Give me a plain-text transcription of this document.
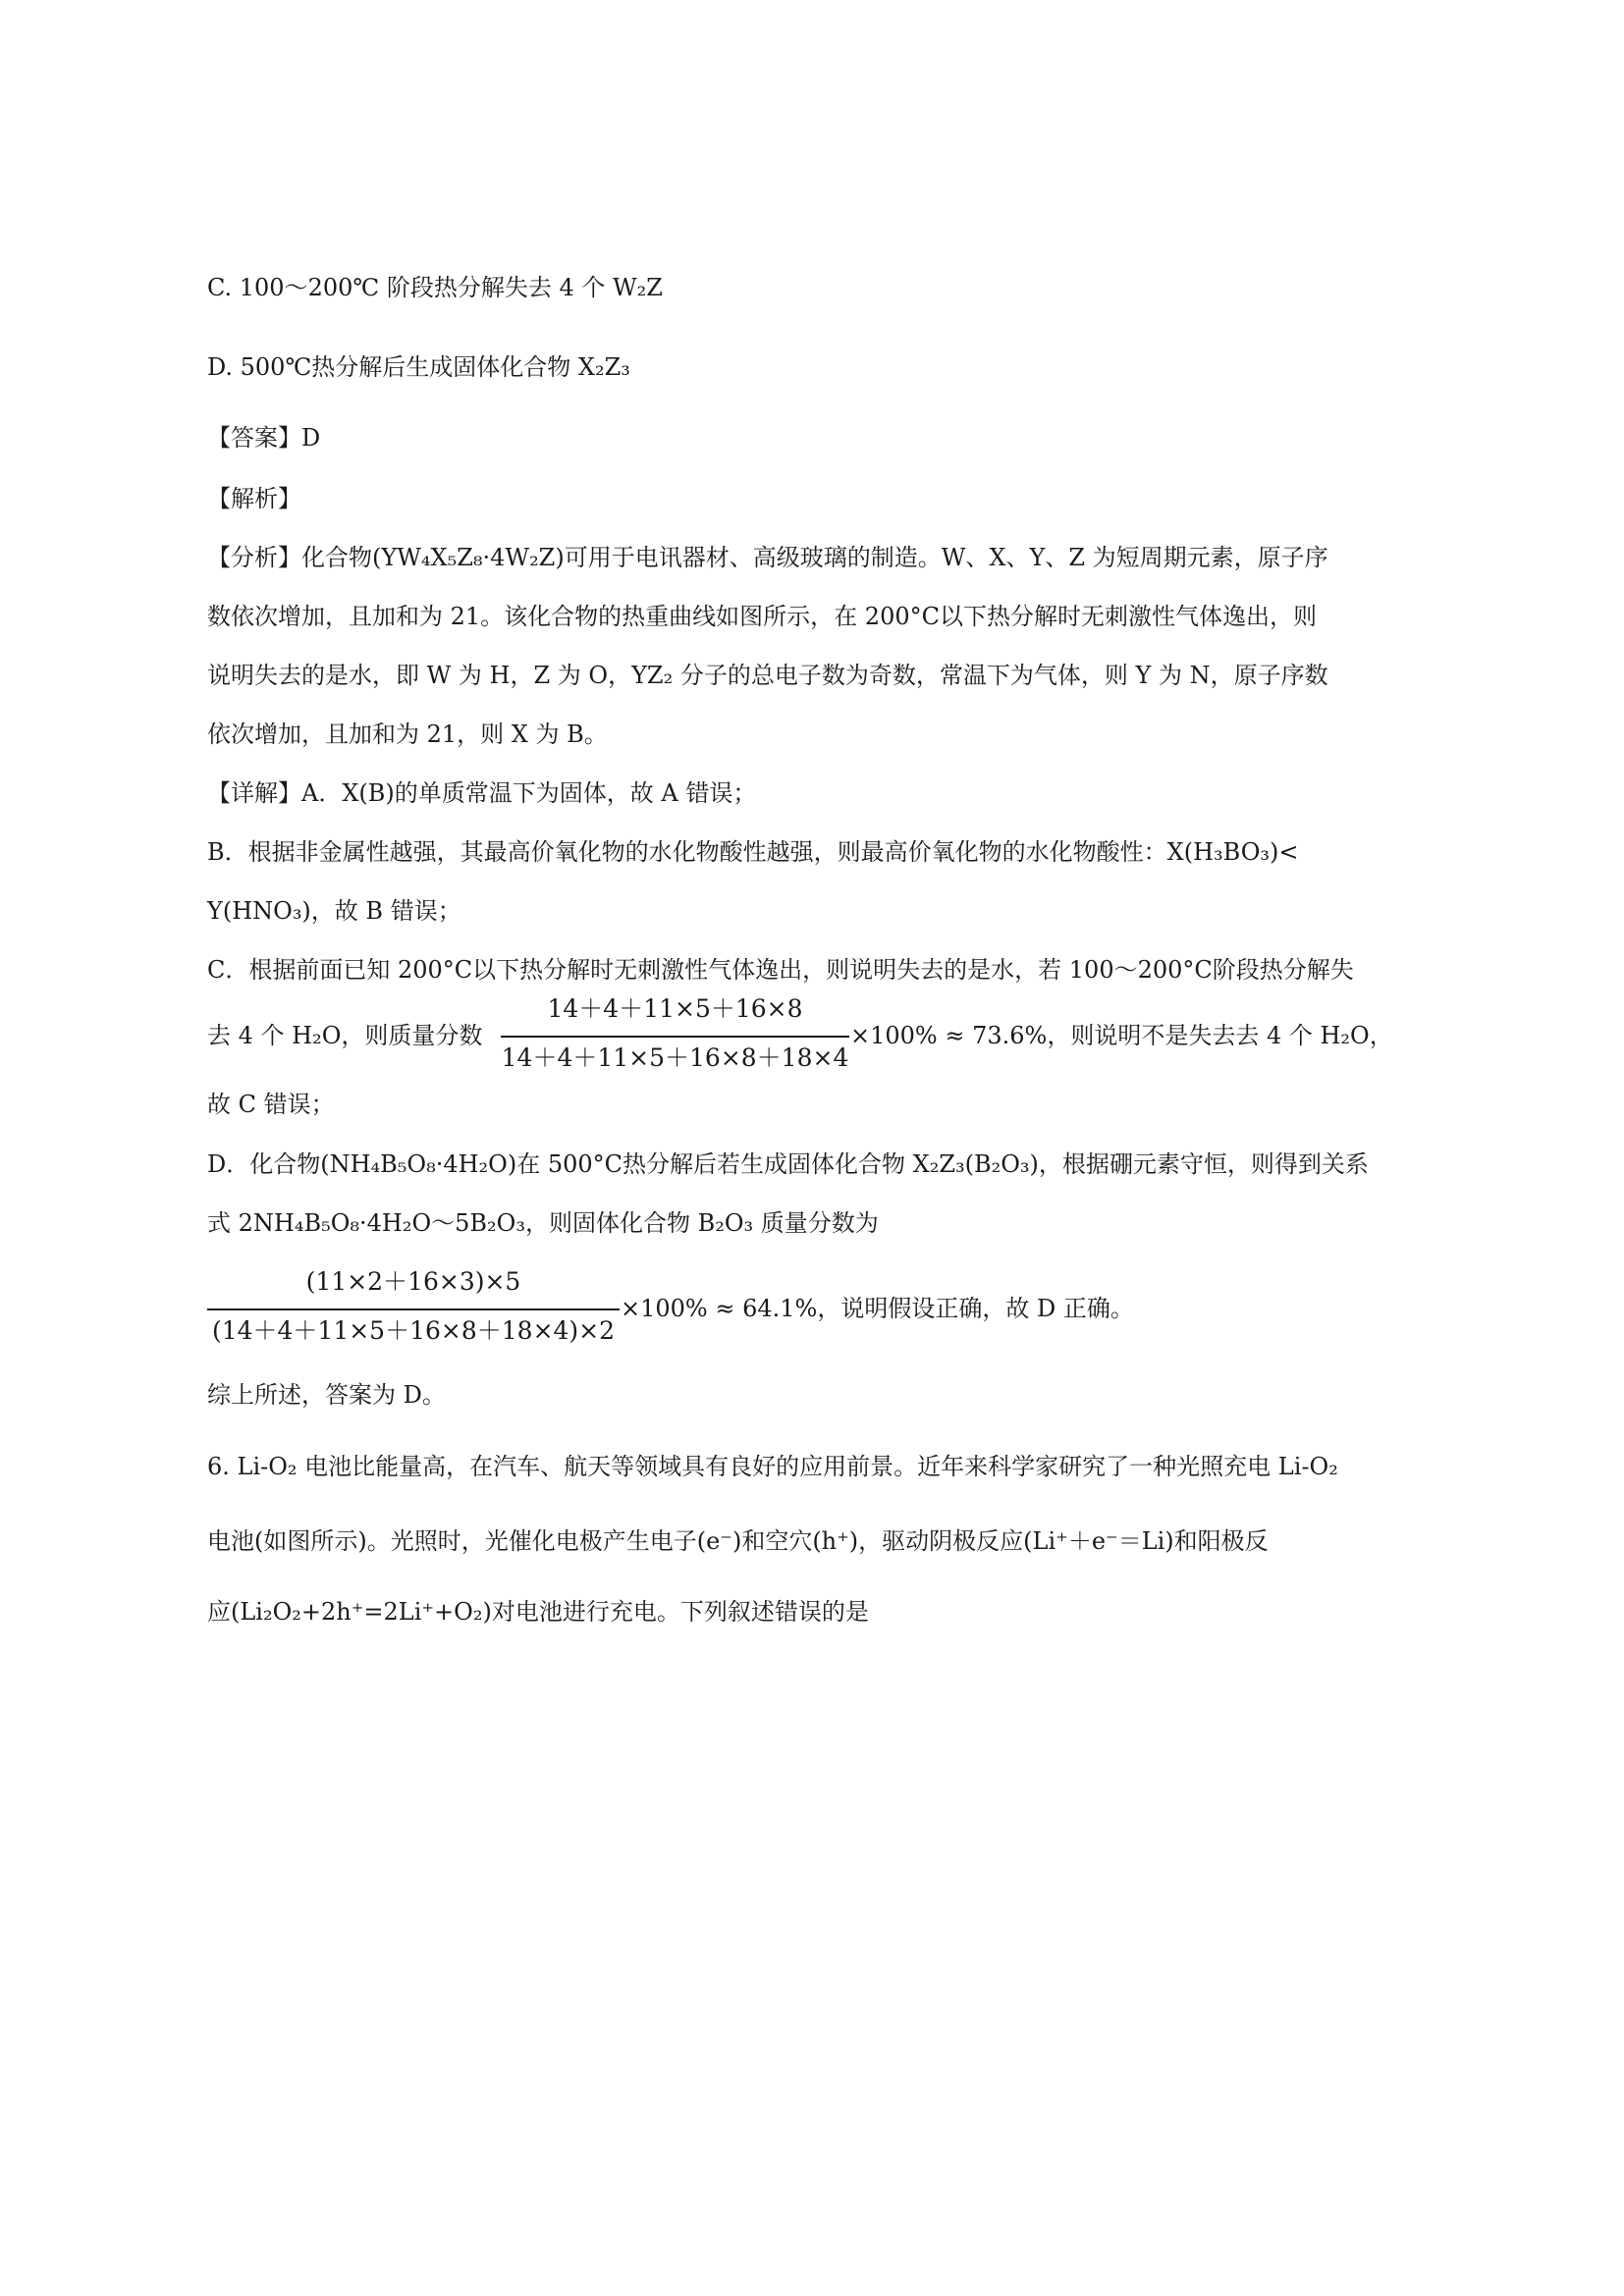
C. 100～200℃ 阶段热分解失去 4 个 W₂Z
D. 500℃热分解后生成固体化合物 X₂Z₃
【答案】D
【解析】
【分析】化合物(YW₄X₅Z₈·4W₂Z)可用于电讯器材、高级玻璃的制造。W、X、Y、Z 为短周期元素，原子序
数依次增加，且加和为 21。该化合物的热重曲线如图所示，在 200°C以下热分解时无刺激性气体逸出，则
说明失去的是水，即 W 为 H，Z 为 O，YZ₂ 分子的总电子数为奇数，常温下为气体，则 Y 为 N，原子序数
依次增加，且加和为 21，则 X 为 B。
【详解】A．X(B)的单质常温下为固体，故 A 错误；
B．根据非金属性越强，其最高价氧化物的水化物酸性越强，则最高价氧化物的水化物酸性：X(H₃BO₃)<
Y(HNO₃)，故 B 错误；
C．根据前面已知 200°C以下热分解时无刺激性气体逸出，则说明失去的是水，若 100～200°C阶段热分解失
去 4 个 H₂O，则质量分数
14＋4＋11×5＋16×8
14＋4＋11×5＋16×8＋18×4
×100% ≈ 73.6%，则说明不是失去去 4 个 H₂O，
故 C 错误；
D．化合物(NH₄B₅O₈·4H₂O)在 500°C热分解后若生成固体化合物 X₂Z₃(B₂O₃)，根据硼元素守恒，则得到关系
式 2NH₄B₅O₈·4H₂O～5B₂O₃，则固体化合物 B₂O₃ 质量分数为
(11×2＋16×3)×5
(14＋4＋11×5＋16×8＋18×4)×2
×100% ≈ 64.1%，说明假设正确，故 D 正确。
综上所述，答案为 D。
6. Li-O₂ 电池比能量高，在汽车、航天等领域具有良好的应用前景。近年来科学家研究了一种光照充电 Li-O₂
电池(如图所示)。光照时，光催化电极产生电子(e⁻)和空穴(h⁺)，驱动阴极反应(Li⁺＋e⁻＝Li)和阳极反
应(Li₂O₂+2h⁺=2Li⁺+O₂)对电池进行充电。下列叙述错误的是
